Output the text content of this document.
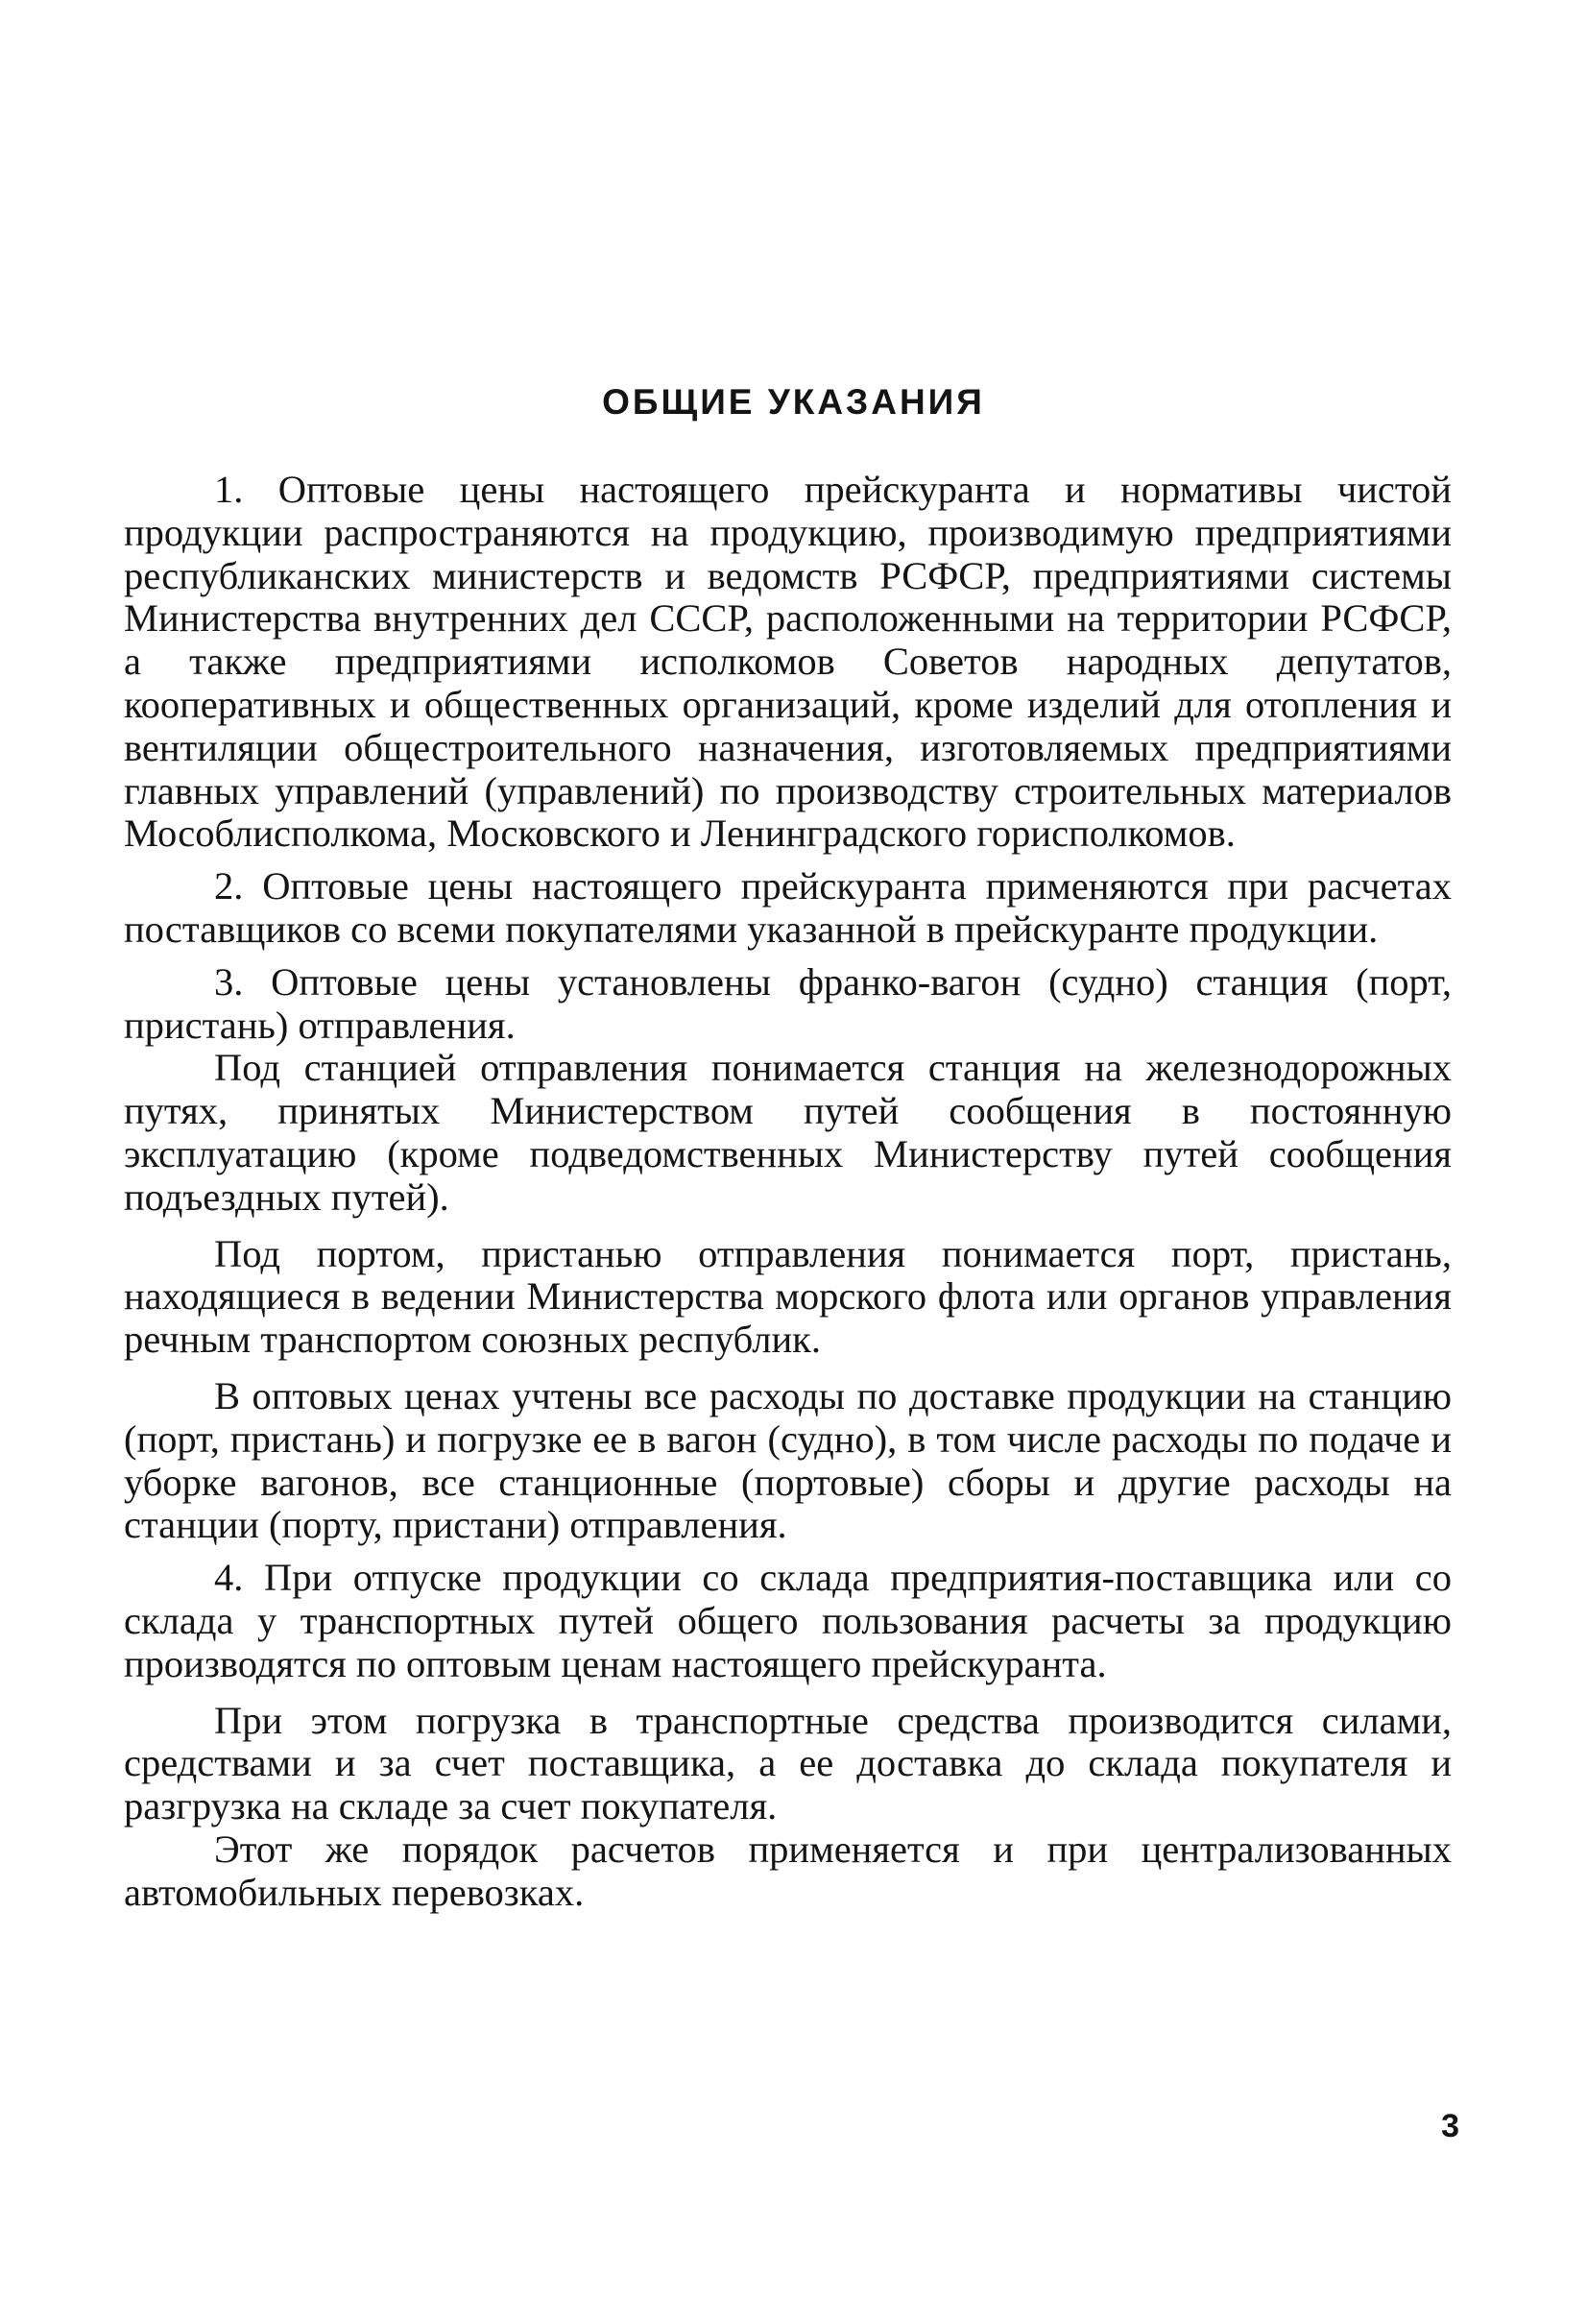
ОБЩИЕ УКАЗАНИЯ

1. Оптовые цены настоящего прейскуранта и нормативы чистой продукции распространяются на продукцию, производимую предприятиями республиканских министерств и ведомств РСФСР, предприятиями системы Министерства внутренних дел СССР, расположенными на территории РСФСР, а также предприятиями исполкомов Советов народных депутатов, кооперативных и общественных организаций, кроме изделий для отопления и вентиляции общестроительного назначения, изготовляемых предприятиями главных управлений (управлений) по производству строительных материалов Мособлисполкома, Московского и Ленинградского горисполкомов.

2. Оптовые цены настоящего прейскуранта применяются при расчетах поставщиков со всеми покупателями указанной в прейскуранте продукции.

3. Оптовые цены установлены франко-вагон (судно) станция (порт, пристань) отправления.

Под станцией отправления понимается станция на железнодорожных путях, принятых Министерством путей сообщения в постоянную эксплуатацию (кроме подведомственных Министерству путей сообщения подъездных путей).

Под портом, пристанью отправления понимается порт, пристань, находящиеся в ведении Министерства морского флота или органов управления речным транспортом союзных республик.

В оптовых ценах учтены все расходы по доставке продукции на станцию (порт, пристань) и погрузке ее в вагон (судно), в том числе расходы по подаче и уборке вагонов, все станционные (портовые) сборы и другие расходы на станции (порту, пристани) отправления.

4. При отпуске продукции со склада предприятия-поставщика или со склада у транспортных путей общего пользования расчеты за продукцию производятся по оптовым ценам настоящего прейскуранта.

При этом погрузка в транспортные средства производится силами, средствами и за счет поставщика, а ее доставка до склада покупателя и разгрузка на складе за счет покупателя.

Этот же порядок расчетов применяется и при централизованных автомобильных перевозках.

3
